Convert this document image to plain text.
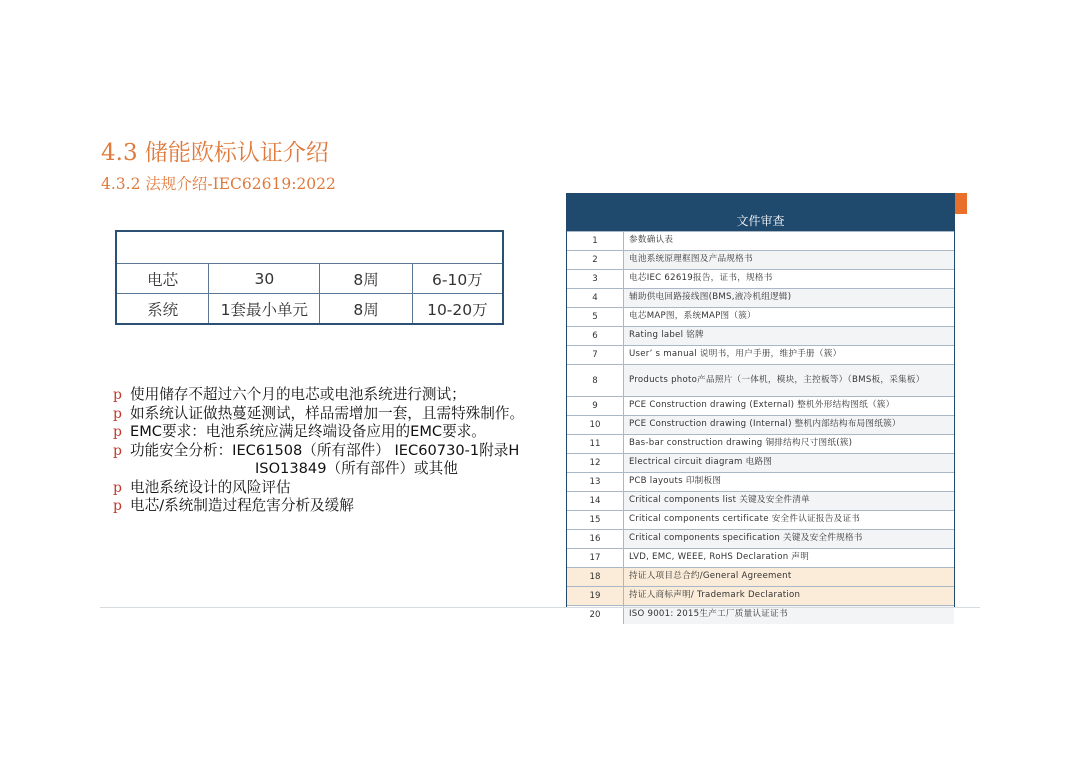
4.3 储能欧标认证介绍
4.3.2 法规介绍-IEC62619:2022
电芯	30	8周	6-10万
系统	1套最小单元	8周	10-20万
p 使用储存不超过六个月的电芯或电池系统进行测试；
p 如系统认证做热蔓延测试，样品需增加一套，且需特殊制作。
p EMC要求：电池系统应满足终端设备应用的EMC要求。
p 功能安全分析：IEC61508（所有部件） IEC60730-1附录H
ISO13849（所有部件）或其他
p 电池系统设计的风险评估
p 电芯/系统制造过程危害分析及缓解
文件审查
1	参数确认表
2	电池系统原理框图及产品规格书
3	电芯IEC 62619报告，证书，规格书
4	辅助供电回路接线图(BMS,液冷机组逻辑)
5	电芯MAP图，系统MAP图（簇）
6	Rating label 铭牌
7	User’ s manual 说明书，用户手册，维护手册（簇）
8	Products photo产品照片（一体机，模块，主控板等）（BMS板，采集板）
9	PCE Construction drawing (External) 整机外形结构图纸（簇）
10	PCE Construction drawing (Internal) 整机内部结构布局图纸簇）
11	Bas-bar construction drawing 铜排结构尺寸图纸(簇)
12	Electrical circuit diagram 电路图
13	PCB layouts 印制板图
14	Critical components list 关键及安全件清单
15	Critical components certificate 安全件认证报告及证书
16	Critical components specification 关键及安全件规格书
17	LVD, EMC, WEEE, RoHS Declaration 声明
18	持证人项目总合约/General Agreement
19	持证人商标声明/ Trademark Declaration
20	ISO 9001: 2015生产工厂质量认证证书
